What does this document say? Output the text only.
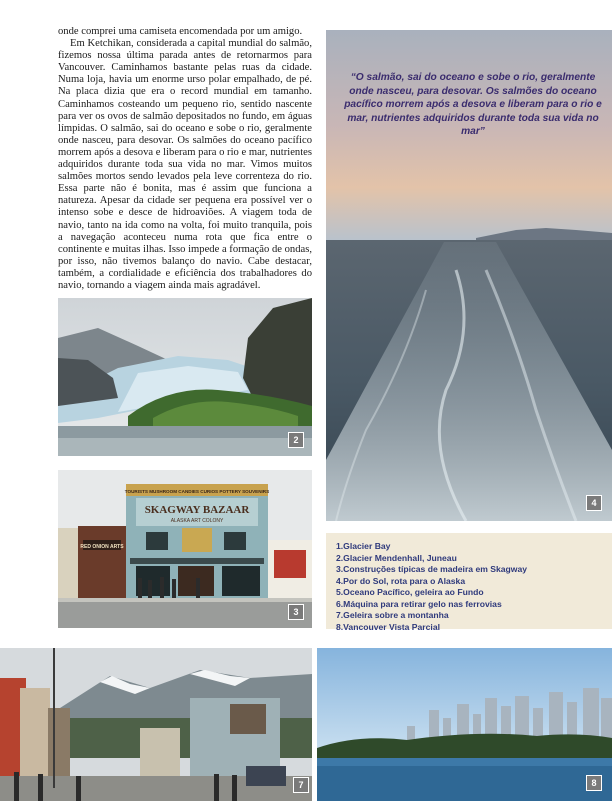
onde comprei uma camiseta encomendada por um amigo.

Em Ketchikan, considerada a capital mundial do salmão, fizemos nossa última parada antes de retornarmos para Vancouver. Caminhamos bastante pelas ruas da cidade. Numa loja, havia um enorme urso polar empalhado, de pé. Na placa dizia que era o record mundial em tamanho. Caminhamos costeando um pequeno rio, sentido nascente para ver os ovos de salmão depositados no fundo, em águas límpidas. O salmão, sai do oceano e sobe o rio, geralmente onde nasceu, para desovar. Os salmões do oceano pacífico morrem após a desova e liberam para o rio e mar, nutrientes adquiridos durante toda sua vida no mar. Vimos muitos salmões mortos sendo levados pela leve correnteza do rio. Essa parte não é bonita, mas é assim que funciona a natureza. Apesar da cidade ser pequena era possível ver o intenso sobe e desce de hidroaviões. A viagem toda de navio, tanto na ida como na volta, foi muito tranquila, pois a navegação aconteceu numa rota que fica entre o continente e muitas ilhas. Isso impede a formação de ondas, por isso, não tivemos balanço do navio. Cabe destacar, também, a cordialidade e eficiência dos trabalhadores do navio, tornando a viagem ainda mais agradável.

2
RED ONION ARTS
TOURISTS MUSHROOM CANDIES CURIOS POTTERY SOUVENIRS
SKAGWAY BAZAAR
ALASKA ART COLONY
3
4
“O salmão, sai do oceano e sobe o rio, geralmente onde nasceu, para desovar. Os salmões do oceano pacífico morrem após a desova e liberam para o rio e mar, nutrientes adquiridos durante toda sua vida no mar”
1.Glacier Bay
2.Glacier Mendenhall, Juneau
3.Construções típicas de madeira em Skagway
4.Por do Sol, rota para o Alaska
5.Oceano Pacífico, geleira ao Fundo
6.Máquina para retirar gelo nas ferrovias
7.Geleira sobre a montanha
8.Vancouver Vista Parcial
7	8
